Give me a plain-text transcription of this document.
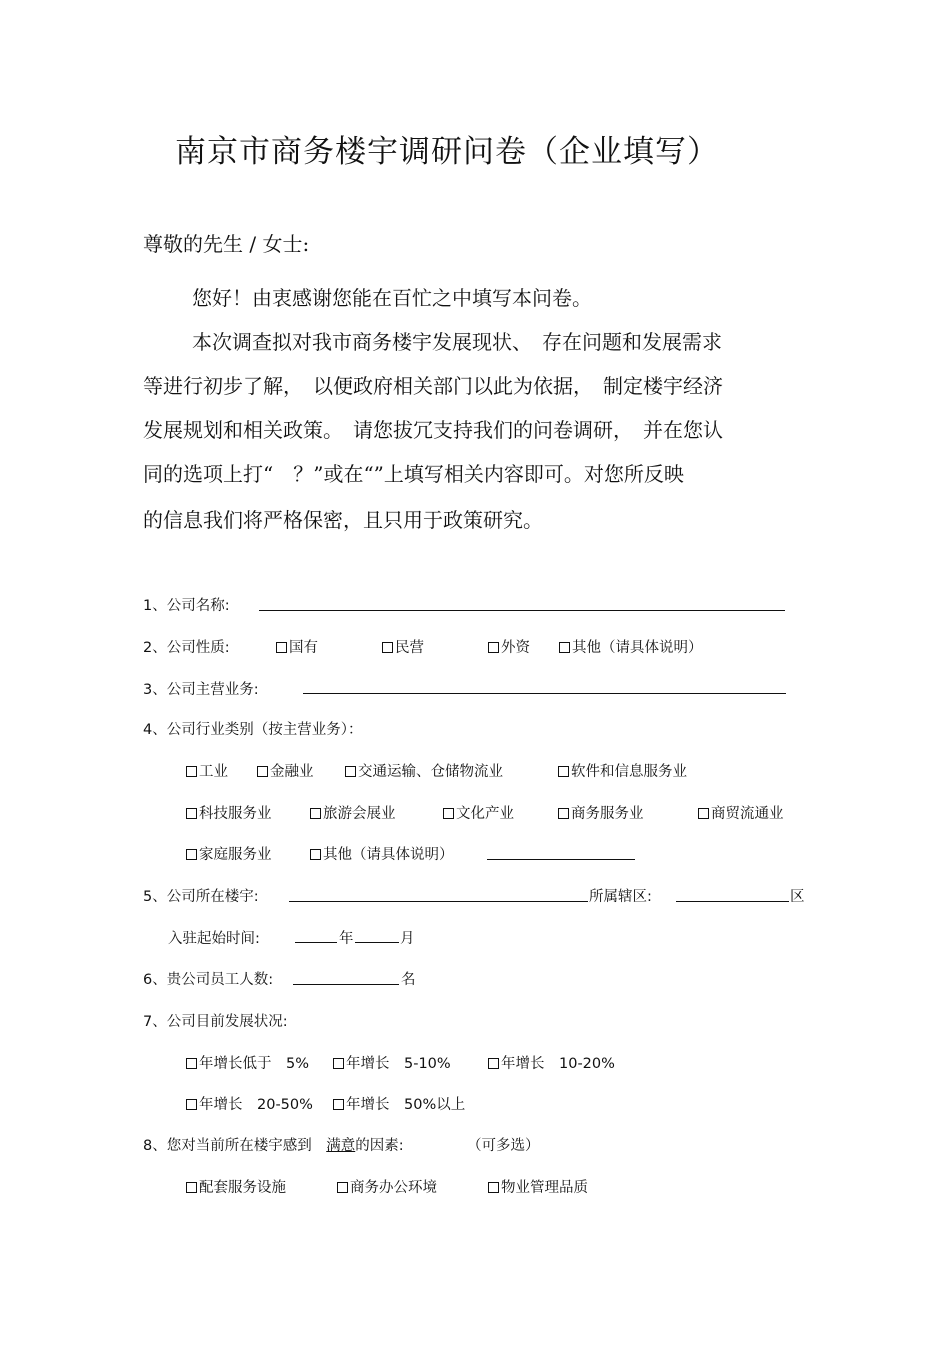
南京市商务楼宇调研问卷（企业填写）
尊敬的先生 / 女士:
您好！由衷感谢您能在百忙之中填写本问卷。
本次调查拟对我市商务楼宇发展现状、　存在问题和发展需求
等进行初步了解，　以便政府相关部门以此为依据，　制定楼宇经济
发展规划和相关政策。　请您拔冗支持我们的问卷调研，　并在您认
同的选项上打“　？”或在“”上填写相关内容即可。对您所反映
的信息我们将严格保密，且只用于政策研究。
1、公司名称:
2、公司性质:	国有	民营	外资	其他（请具体说明）
3、公司主营业务:
4、公司行业类别（按主营业务）：
工业	金融业	交通运输、仓储物流业	软件和信息服务业
科技服务业	旅游会展业	文化产业	商务服务业	商贸流通业
家庭服务业	其他（请具体说明）
5、公司所在楼宇:	所属辖区:	区
入驻起始时间:	年	月
6、贵公司员工人数:	名
7、公司目前发展状况:
年增长低于　5%	年增长　5-10%	年增长　10-20%
年增长　20-50%	年增长　50%以上
8、您对当前所在楼宇感到　满意的因素:	（可多选）
配套服务设施	商务办公环境	物业管理品质
